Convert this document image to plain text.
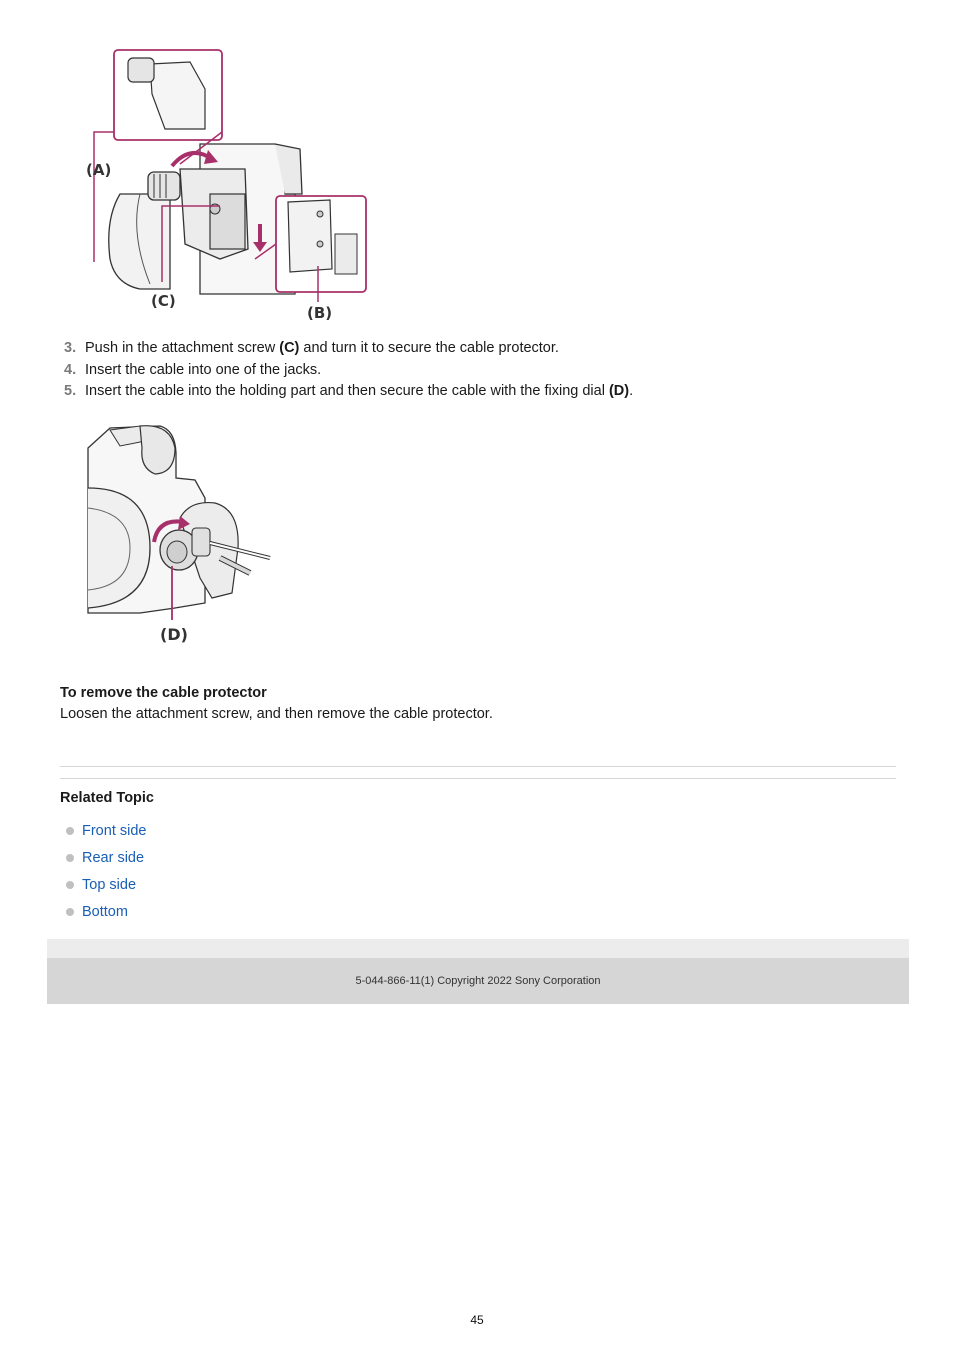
(A)
(C)
(B)
3. Push in the attachment screw (C) and turn it to secure the cable protector.
4. Insert the cable into one of the jacks.
5. Insert the cable into the holding part and then secure the cable with the fixing dial (D).
(D)
To remove the cable protector
Loosen the attachment screw, and then remove the cable protector.
Related Topic
Front side
Rear side
Top side
Bottom
5-044-866-11(1) Copyright 2022 Sony Corporation
45
